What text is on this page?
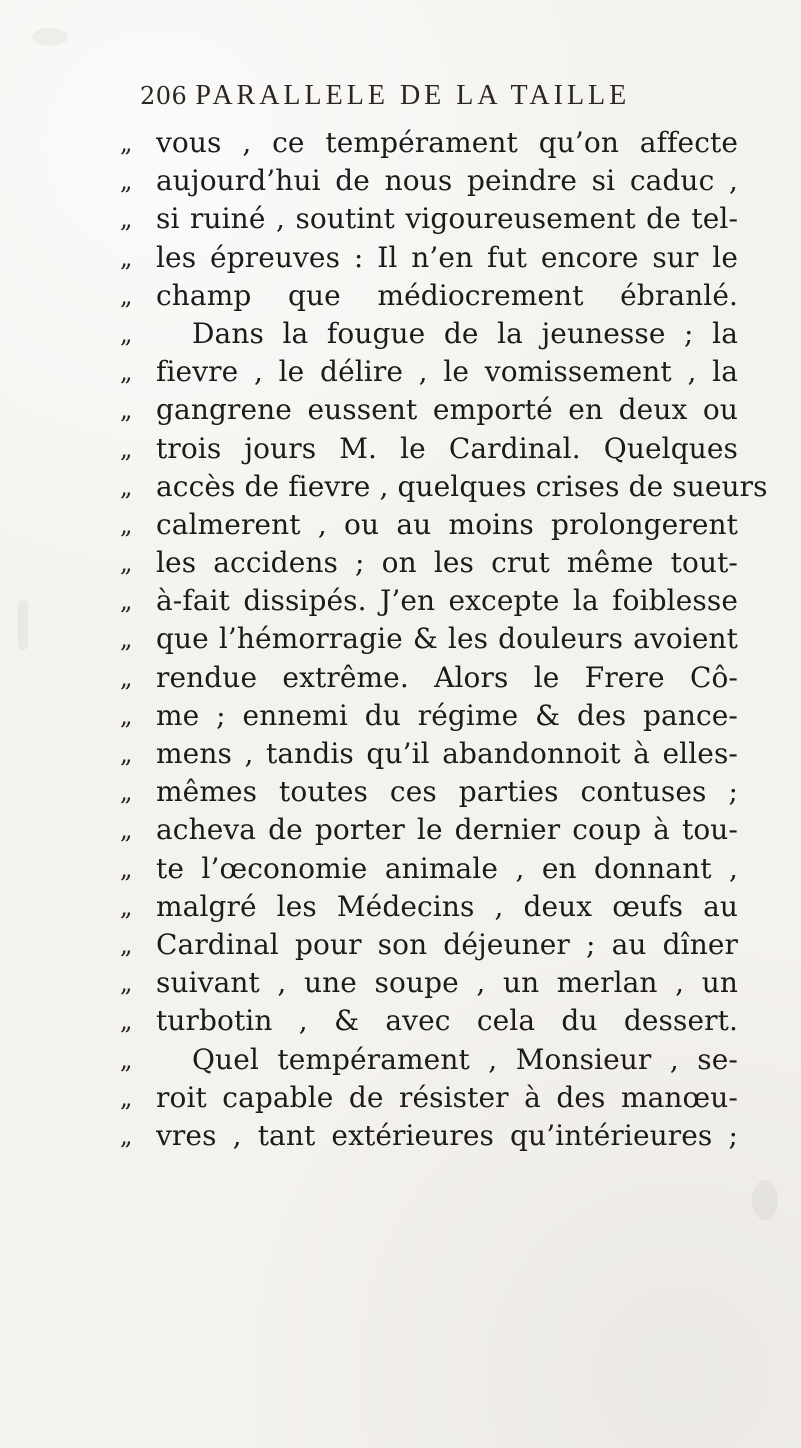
206 PARALLELE DE LA TAILLE
„ vous , ce tempérament qu’on affecte
„ aujourd’hui de nous peindre si caduc ,
„ si ruiné , soutint vigoureusement de tel-
„ les épreuves : Il n’en fut encore sur le
„ champ que médiocrement ébranlé.
„	Dans la fougue de la jeunesse ; la
„ fievre , le délire , le vomissement , la
„ gangrene eussent emporté en deux ou
„ trois jours M. le Cardinal. Quelques
„ accès de fievre , quelques crises de sueurs
„ calmerent , ou au moins prolongerent
„ les accidens ; on les crut même tout-
„ à-fait dissipés. J’en excepte la foiblesse
„ que l’hémorragie & les douleurs avoient
„ rendue extrême. Alors le Frere Cô-
„ me ; ennemi du régime & des pance-
„ mens , tandis qu’il abandonnoit à elles-
„ mêmes toutes ces parties contuses ;
„ acheva de porter le dernier coup à tou-
„ te l’œconomie animale , en donnant ,
„ malgré les Médecins , deux œufs au
„ Cardinal pour son déjeuner ; au dîner
„ suivant , une soupe , un merlan , un
„ turbotin , & avec cela du dessert.
„	Quel tempérament , Monsieur , se-
„ roit capable de résister à des manœu-
„ vres , tant extérieures qu’intérieures ;
